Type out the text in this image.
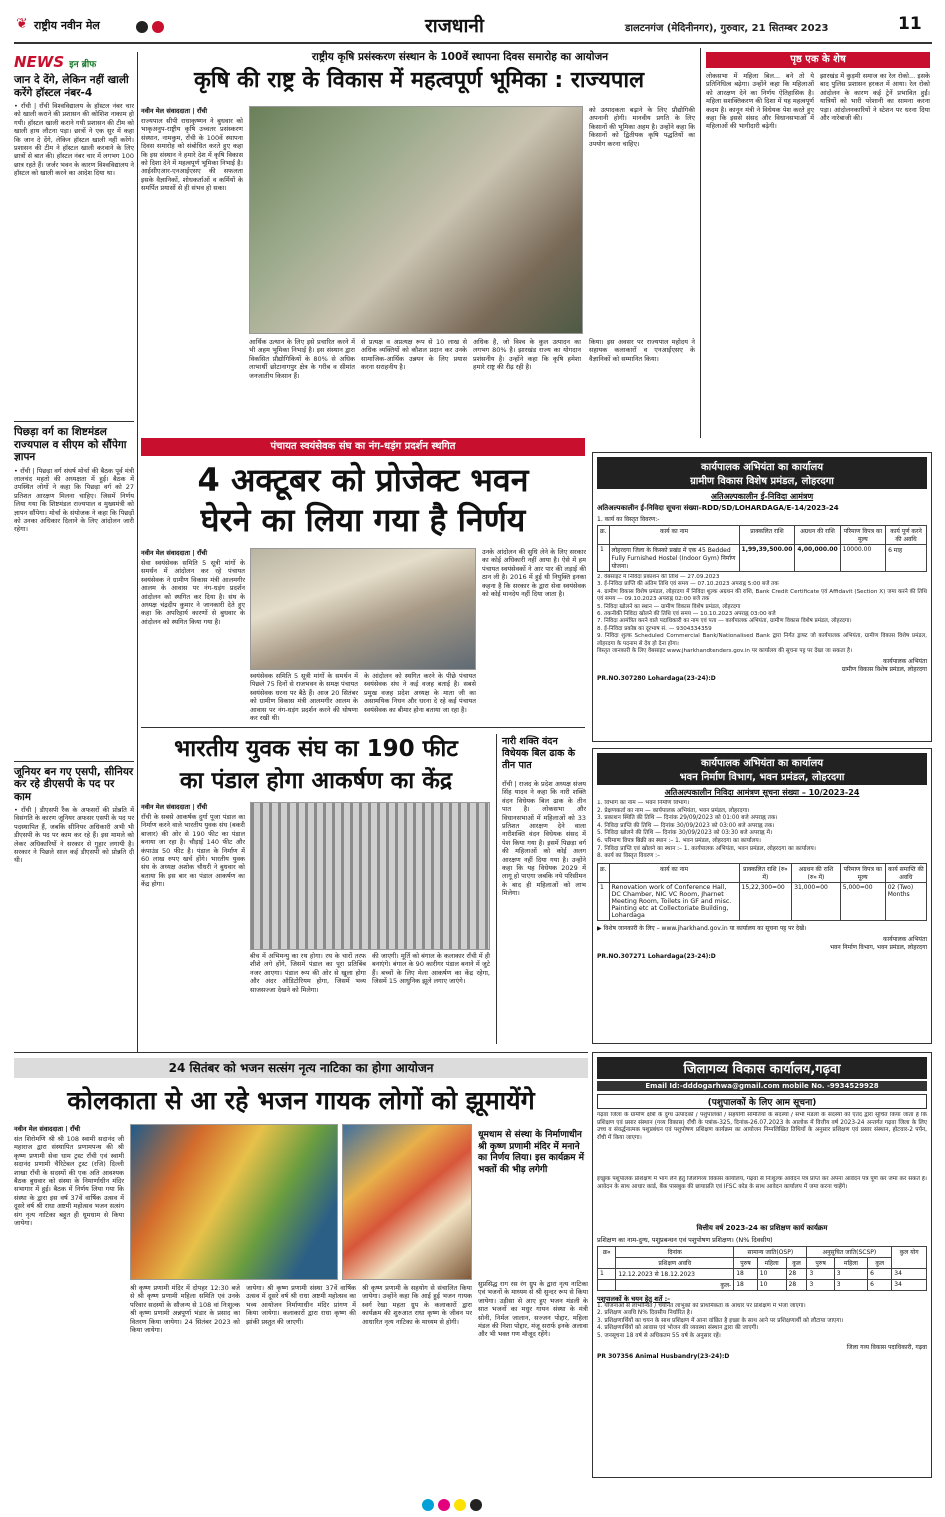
❦ राष्ट्रीय नवीन मेल	राजधानी	डालटनगंज (मेदिनीनगर), गुरुवार, 21 सितम्बर 2023	11
राष्ट्रीय कृषि प्रसंस्करण संस्थान के 100वें स्थापना दिवस समारोह का आयोजन	पृष्ठ एक के शेष
NEWS इन ब्रीफ
जान दे देंगे, लेकिन नहीं खाली करेंगे हॉस्टल नंबर-4
• राँची | राँची विश्वविद्यालय के हॉस्टल नंबर चार को खाली कराने की प्रशासन की कोशिश नाकाम हो गयी। हॉस्टल खाली कराने गयी प्रशासन की टीम को खाली हाथ लौटना पड़ा। छात्रों ने एक सुर में कहा कि जान दे देंगे, लेकिन हॉस्टल खाली नहीं करेंगे। प्रशासन की टीम ने हॉस्टल खाली करवाने के लिए छात्रों से बात की। हॉस्टल नंबर चार में लगभग 100 छात्र रहते हैं। जर्जर भवन के कारण विश्वविद्यालय ने हॉस्टल को खाली करने का आदेश दिया था।
पिछड़ा वर्ग का शिष्टमंडल राज्यपाल व सीएम को सौंपेगा ज्ञापन
• राँची | पिछड़ा वर्ग संघर्ष मोर्चा की बैठक पूर्व मंत्री लालचंद महतो की अध्यक्षता में हुई। बैठक में उपस्थित लोगों ने कहा कि पिछड़ा वर्ग को 27 प्रतिशत आरक्षण मिलना चाहिए। जिसमें निर्णय लिया गया कि शिष्टमंडल राज्यपाल व मुख्यमंत्री को ज्ञापन सौंपेगा। मोर्चा के संयोजक ने कहा कि पिछड़ों को उनका अधिकार दिलाने के लिए आंदोलन जारी रहेगा।
जूनियर बन गए एसपी, सीनियर कर रहे डीएसपी के पद पर काम
• राँची | डीएसपी रैंक के अफसरों की प्रोन्नति में विसंगति के कारण जूनियर अफसर एसपी के पद पर पदस्थापित हैं, जबकि सीनियर अधिकारी अभी भी डीएसपी के पद पर काम कर रहे हैं। इस मामले को लेकर अधिकारियों ने सरकार से गुहार लगायी है। सरकार ने पिछले साल कई डीएसपी को प्रोन्नति दी थी।
कृषि की राष्ट्र के विकास में महत्वपूर्ण भूमिका : राज्यपाल
नवीन मेल संवाददाता | राँची
राज्यपाल सीपी राधाकृष्णन ने बुधवार को भाकृअनुप-राष्ट्रीय कृषि उच्चतर प्रसंस्करण संस्थान, नामकुम, राँची के 100वें स्थापना दिवस समारोह को संबोधित करते हुए कहा कि इस संस्थान ने हमारे देश में कृषि विकास को दिशा देने में महत्वपूर्ण भूमिका निभाई है। आईसीएआर-एनआईएसए की सफलता इसके वैज्ञानिकों, शोधकर्ताओं व कर्मियों के समर्पित प्रयासों से ही संभव हो सका।
आर्थिक उत्थान के लिए इसे प्रचारित करने में भी अहम भूमिका निभाई है। इस संस्थान द्वारा विकसित प्रौद्योगिकियों के 80% से अधिक लाभार्थी छोटानागपुर क्षेत्र के गरीब व सीमांत जनजातीय किसान हैं।
से प्रत्यक्ष व अप्रत्यक्ष रूप से 10 लाख से अधिक व्यक्तियों को कौशल प्रदान कर उनके सामाजिक-आर्थिक उन्नयन के लिए प्रयास करना सराहनीय है।
अधिक है, जो विश्व के कुल उत्पादन का लगभग 80% है। झारखंड राज्य का योगदान प्रशंसनीय है। उन्होंने कहा कि कृषि हमेशा हमारे राष्ट्र की रीढ़ रही है।
को उत्पादकता बढ़ाने के लिए प्रौद्योगिकी अपनानी होगी। मानवीय प्रगति के लिए किसानों की भूमिका अहम है। उन्होंने कहा कि किसानों को द्वितीयक कृषि पद्धतियों का उपयोग करना चाहिए।
किया। इस अवसर पर राज्यपाल महोदय ने सहायक कलाकारों व एनआईएसए के वैज्ञानिकों को सम्मानित किया।
लोकसभा में महिला बिल... बने तो ये प्रतिनिधित्व बढ़ेगा। उन्होंने कहा कि महिलाओं को आरक्षण देने का निर्णय ऐतिहासिक है। महिला सशक्तिकरण की दिशा में यह महत्वपूर्ण कदम है। कानून मंत्री ने विधेयक पेश करते हुए कहा कि इससे संसद और विधानसभाओं में महिलाओं की भागीदारी बढ़ेगी।
झारखंड में कुड़मी समाज का रेल रोको... इसके बाद पुलिस प्रशासन हरकत में आया। रेल रोको आंदोलन के कारण कई ट्रेनें प्रभावित हुईं। यात्रियों को भारी परेशानी का सामना करना पड़ा। आंदोलनकारियों ने स्टेशन पर धरना दिया और नारेबाजी की।
पंचायत स्वयंसेवक संघ का नंग-धड़ंग प्रदर्शन स्थगित
4 अक्टूबर को प्रोजेक्ट भवन
घेरने का लिया गया है निर्णय
नवीन मेल संवाददाता | राँची
सेवा स्वयंसेवक समिति 5 सूत्री मांगों के समर्थन में आंदोलन कर रहे पंचायत स्वयंसेवक ने ग्रामीण विकास मंत्री आलमगीर आलम के आवास पर नंग-धड़ंग प्रदर्शन आंदोलन को स्थगित कर दिया है। संघ के अध्यक्ष चंद्रदीप कुमार ने जानकारी देते हुए कहा कि अपरिहार्य कारणों से बुधवार के आंदोलन को स्थगित किया गया है।
स्वयंसेवक समिति 5 सूत्री मांगों के समर्थन में पिछले 75 दिनों से राजभवन के समक्ष पंचायत स्वयंसेवक धरना पर बैठे हैं। आज 20 सितंबर को ग्रामीण विकास मंत्री आलमगीर आलम के आवास पर नंग-धड़ंग प्रदर्शन करने की घोषणा कर रखी थी।
के आंदोलन को स्थगित करने के पीछे पंचायत स्वयंसेवक संघ ने कई वजह बताई है। सबसे प्रमुख वजह प्रदेश अध्यक्ष के माता जी का असामयिक निधन और धरना दे रहे कई पंचायत स्वयंसेवक का बीमार होना बताया जा रहा है।
उनके आंदोलन की सुधि लेने के लिए सरकार का कोई अधिकारी नहीं आया है। ऐसे में हम पंचायत स्वयंसेवकों ने आर पार की लड़ाई की ठान ली है। 2016 में हुई थी नियुक्ति इनका कहना है कि सरकार के द्वारा सेवा स्वयंसेवक को कोई मानदेय नहीं दिया जाता है।
भारतीय युवक संघ का 190 फीट
का पंडाल होगा आकर्षण का केंद्र
नवीन मेल संवाददाता | राँची
राँची के सबसे आकर्षक दुर्गा पूजा पंडाल का निर्माण करने वाले भारतीय युवक संघ (बकरी बाजार) की ओर से 190 फीट का पंडाल बनाया जा रहा है। चौड़ाई 140 फीट और कंपाउंड 50 फीट है। पंडाल के निर्माण में 60 लाख रुपए खर्च होंगे। भारतीय युवक संघ के अध्यक्ष अशोक चौधरी ने बुधवार को बताया कि इस बार का पंडाल आकर्षण का केंद्र होगा।
बीच में अभिमन्यु का रथ होगा। रथ के चारों तरफ शीशे लगे होंगे, जिसमें पंडाल का पूरा प्रतिबिंब नजर आएगा। पंडाल रूप की ओर से खुला होगा और अंदर ऑडिटोरियम होगा, जिसमें भव्य साजसज्जा देखने को मिलेगा।
की जाएगी। मूर्ति को बंगाल के कलाकार राँची में ही बनाएंगे। बंगाल के 90 कारीगर पंडाल बनाने में जुटे हैं। बच्चों के लिए मेला आकर्षण का केंद्र रहेगा, जिसमें 15 आधुनिक झूले लगाए जाएंगे।
नारी शक्ति वंदन विधेयक बिल ढाक के तीन पात
राँची | राजद के प्रदेश अध्यक्ष संजय सिंह यादव ने कहा कि नारी शक्ति वंदन विधेयक बिल ढाक के तीन पात है। लोकसभा और विधानसभाओं में महिलाओं को 33 प्रतिशत आरक्षण देने वाला नारीशक्ति वंदन विधेयक संसद में पेश किया गया है। इसमें पिछड़ा वर्ग की महिलाओं को कोई अलग आरक्षण नहीं दिया गया है। उन्होंने कहा कि यह विधेयक 2029 में लागू हो पाएगा जबकि नये परिसीमन के बाद ही महिलाओं को लाभ मिलेगा।
कार्यपालक अभियंता का कार्यालय
ग्रामीण विकास विशेष प्रमंडल, लोहरदगा
अतिअल्पकालीन ई-निविदा आमंत्रण
अतिअल्पकालीन ई-निविदा सूचना संख्या–RDD/SD/LOHARDAGA/E-14/2023-24
1. कार्य का विस्तृत विवरण:-
क्र.	कार्य का नाम	प्राक्कलित राशि	अग्रधन की राशि	परिमाण विपत्र का मूल्य	कार्य पूर्ण करने की अवधि
1	लोहरदगा जिला के किस्को प्रखंड में एक 45 Bedded Fully Furnished Hostel (Indoor Gym) निर्माण योजना।	1,99,39,500.00	4,00,000.00	10000.00	6 माह
2. वेबसाइट में निविदा प्रकाशन की तिथि — 27.09.2023
3. ई-निविदा प्राप्ति की अंतिम तिथि एवं समय — 07.10.2023 अपराह्न 5:00 बजे तक
4. ग्रामीण विकास विशेष प्रमंडल, लोहरदगा में निविदा शुल्क अग्रधन की राशि, Bank Credit Certificate एवं Affidavit (Section X) जमा करने की तिथि एवं समय — 09.10.2023 अपराह्न 02:00 बजे तक
5. निविदा खोलने का स्थान — ग्रामीण विकास विशेष प्रमंडल, लोहरदगा
6. तकनीकी निविदा खोलने की तिथि एवं समय — 10.10.2023 अपराह्न 03:00 बजे
7. निविदा आमंत्रित करने वाले पदाधिकारी का नाम एवं पता — कार्यपालक अभियंता, ग्रामीण विकास विशेष प्रमंडल, लोहरदगा।
8. ई-निविदा प्रकोष्ठ का दूरभाष सं. — 9304334359
9. निविदा शुल्क Scheduled Commercial Bank/Nationalised Bank द्वारा निर्गत ड्राफ्ट जो कार्यपालक अभियंता, ग्रामीण विकास विशेष प्रमंडल, लोहरदगा के पदनाम से देय हो देना होगा।
विस्तृत जानकारी के लिए वेबसाइट www.jharkhandtenders.gov.in पर कार्यालय की सूचना पट्ट पर देखा जा सकता है।
कार्यपालक अभियंता
ग्रामीण विकास विशेष प्रमंडल, लोहरदगा
PR.NO.307280 Lohardaga(23-24):D
कार्यपालक अभियंता का कार्यालय
भवन निर्माण विभाग, भवन प्रमंडल, लोहरदगा
अतिअल्पकालीन निविदा आमंत्रण सूचना संख्या – 10/2023-24
1. विभाग का नाम — भवन निर्माण विभाग।
2. प्रेक्षणकर्ता का नाम — कार्यपालक अभियंता, भवन प्रमंडल, लोहरदगा।
3. प्रकाशन स्थिति की तिथि — दिनांक 29/09/2023 को 01:00 बजे अपराह्न तक।
4. निविदा प्राप्ति की तिथि — दिनांक 30/09/2023 को 03:00 बजे अपराह्न तक।
5. निविदा खोलने की तिथि — दिनांक 30/09/2023 को 03:30 बजे अपराह्न में।
6. परिमाण विपत्र बिक्री का स्थान :– 1. भवन प्रमंडल, लोहरदगा का कार्यालय।
7. निविदा प्राप्ति एवं खोलने का स्थान :– 1. कार्यपालक अभियंता, भवन प्रमंडल, लोहरदगा का कार्यालय।
8. कार्य का विस्तृत विवरण :–
क्र.	कार्य का नाम	प्राक्कलित राशि (रु० में)	अग्रधन की राशि (रु० में)	परिमाण विपत्र का मूल्य	कार्य समाप्ति की अवधि
1	Renovation work of Conference Hall, DC Chamber, NIC VC Room, Jharnet Meeting Room, Toilets in GF and misc. Painting etc at Collectoriate Building, Lohardaga	15,22,300=00	31,000=00	5,000=00	02 (Two) Months
▶ विशेष जानकारी के लिए – www.jharkhand.gov.in या कार्यालय का सूचना पट्ट पर देखें।
कार्यपालक अभियंता
भवन निर्माण विभाग, भवन प्रमंडल, लोहरदगा
PR.NO.307271 Lohardaga(23-24):D
24 सितंबर को भजन सत्संग नृत्य नाटिका का होगा आयोजन
कोलकाता से आ रहे भजन गायक लोगों को झूमायेंगे
नवीन मेल संवाददाता | राँची
संत शिरोमणि श्री श्री 108 स्वामी सदानंद जी महाराज द्वारा संस्थापित प्रणामपन्थ की श्री कृष्ण प्रणामी सेवा धाम ट्रस्ट राँची एवं स्वामी सदानंद प्रणामी चैरिटेबल ट्रस्ट (रजि) दिल्ली शाखा राँची के सदस्यों की एक अति आवश्यक बैठक बुधवार को संस्था के निमार्णाधीन मंदिर सभागार में हुई। बैठक में निर्णय लिया गया कि संस्था के द्वारा इस वर्ष 37वें वार्षिक उत्सव में दूसरे वर्ष श्री राधा अष्टमी महोत्सव भजन सत्संग संग नृत्य नाटिका बहुत ही धूमधाम से किया जायेगा।
श्री कृष्ण प्रणामी मंदिर में दोपहर 12:30 बजे से श्री कृष्ण प्रणामी महिला समिति एवं उनके परिवार सदस्यों के सौजन्य से 108 वां निःशुल्क श्री कृष्ण प्रणामी अन्नपूर्णा भंडार के प्रसाद का वितरण किया जायेगा। 24 सितंबर 2023 को किया जायेगा।
जायेगा। श्री कृष्ण प्रणामी संस्था 37वें वार्षिक उत्सव में दूसरे वर्ष श्री राधा अष्टमी महोत्सव का भव्य आयोजन निर्माणाधीन मंदिर प्रांगण में किया जायेगा। कलाकारों द्वारा राधा कृष्ण की झांकी प्रस्तुत की जाएगी।
श्री कृष्ण प्रणामी के सहयोग से संचालित किया जायेगा। उन्होंने कहा कि आई हुई भजन गायक स्वर्ग रेखा महता ग्रुप के कलाकारों द्वारा कार्यक्रम की शुरुआत राधा कृष्ण के जीवन पर आधारित नृत्य नाटिका के माध्यम से होगी।
धूमधाम से संस्था के निर्माणाधीन श्री कृष्ण प्रणामी मंदिर में मनाने का निर्णय लिया। इस कार्यक्रम में भक्तों की भीड़ लगेगी
सुप्रसिद्ध राग रस रंग ग्रुप के द्वारा नृत्य नाटिका एवं भजनों के माध्यम से श्री सुन्दर रूप से किया जायेगा। उड़ीसा से आए हुए भजन मंडली के सात भजनों का मधुर गायन संस्था के मंत्री सोनी, निर्मल जालान, सज्जन पोद्दार, महिला मंडल की निशा पोद्दार, मंजू सरार्फ इनके अलावा और भी भक्त गण मौजूद रहेंगे।
जिलागव्य विकास कार्यालय,गढ़वा
Email Id:-dddogarhwa@gmail.com mobile No. -9934529928
(पशुपालकों के लिए आम सूचना)
गढ़वा जिला के ग्रामीण क्षेत्रों के दुग्ध उत्पादकों / पशुपालकों / सहयोगी समितियों के सदस्यों / सभी मंडलों के सदस्यों को एतद द्वारा सूचित किया जाता है कि प्रशिक्षण एवं प्रसार संस्थान (गव्य विकास) राँची के पत्रांक-325, दिनांक-26.07.2023 के आलोक में वित्तीय वर्ष 2023-24 अन्तर्गत गढ़वा जिला के लिए उच्च व संवर्द्धनात्मक पशुप्रबंधन एवं पशुपोषण प्रशिक्षण कार्यक्रम का आयोजन निम्नलिखित तिथियों के अनुसार प्रशिक्षण एवं प्रसार संस्थान, होटवार-2 पर्यन, राँची में किया जाएगा।
इच्छुक पशुपालक प्रशिक्षण में भाग लेने हेतु जिलागव्य विकास कार्यालय, गढ़वा से निःशुल्क आवेदन पत्र प्राप्त कर अपना आवेदन पत्र पूर्ण कर जमा कर सकते हैं। आवेदन के साथ आधार कार्ड, बैंक पासबुक की छायाप्रति एवं IFSC कोड के साथ आवेदन कार्यालय में जमा करना चाहेंगे।
वित्तीय वर्ष 2023-24 का प्रशिक्षण कार्य कार्यक्रम
प्रशिक्षण का नाम-दुग्ध, पशुप्रबन्धन एवं पशुपोषण प्रशिक्षण। (N% दिवसीय)
क्र०	दिनांक	सामान्य जाति(OSP)			अनुसूचित जाति(SCSP)			कुल योग
	प्रशिक्षण अवधि	पुरुष	महिला	कुल	पुरुष	महिला	कुल	
1	12.12.2023 से 18.12.2023	18	10	28	3	3	6	34
	कुल-	18	10	28	3	3	6	34
पशुपालकों के चयन हेतु शर्ते :-
1. योजनाओं से लाभान्वित / चयनित लाभुकों को प्राथमिकता के आधार पर प्रशिक्षण में भेजा जाएगा।
2. प्रशिक्षण अवधि N% दिवसीय निर्धारित है।
3. प्रशिक्षणार्थियों का चयन के साथ प्रशिक्षण में आना वांछित है इच्छा के साथ आने पर प्रशिक्षणार्थी को लौटाया जाएगा।
4. प्रशिक्षणार्थियों को आवास एवं भोजन की व्यवस्था संस्थान द्वारा की जाएगी।
5. जनसूचना 18 वर्ष से अधिकतम 55 वर्ष के अनुसार रहें।
जिला गव्य विकास पदाधिकारी, गढ़वा
PR 307356 Animal Husbandry(23-24):D
